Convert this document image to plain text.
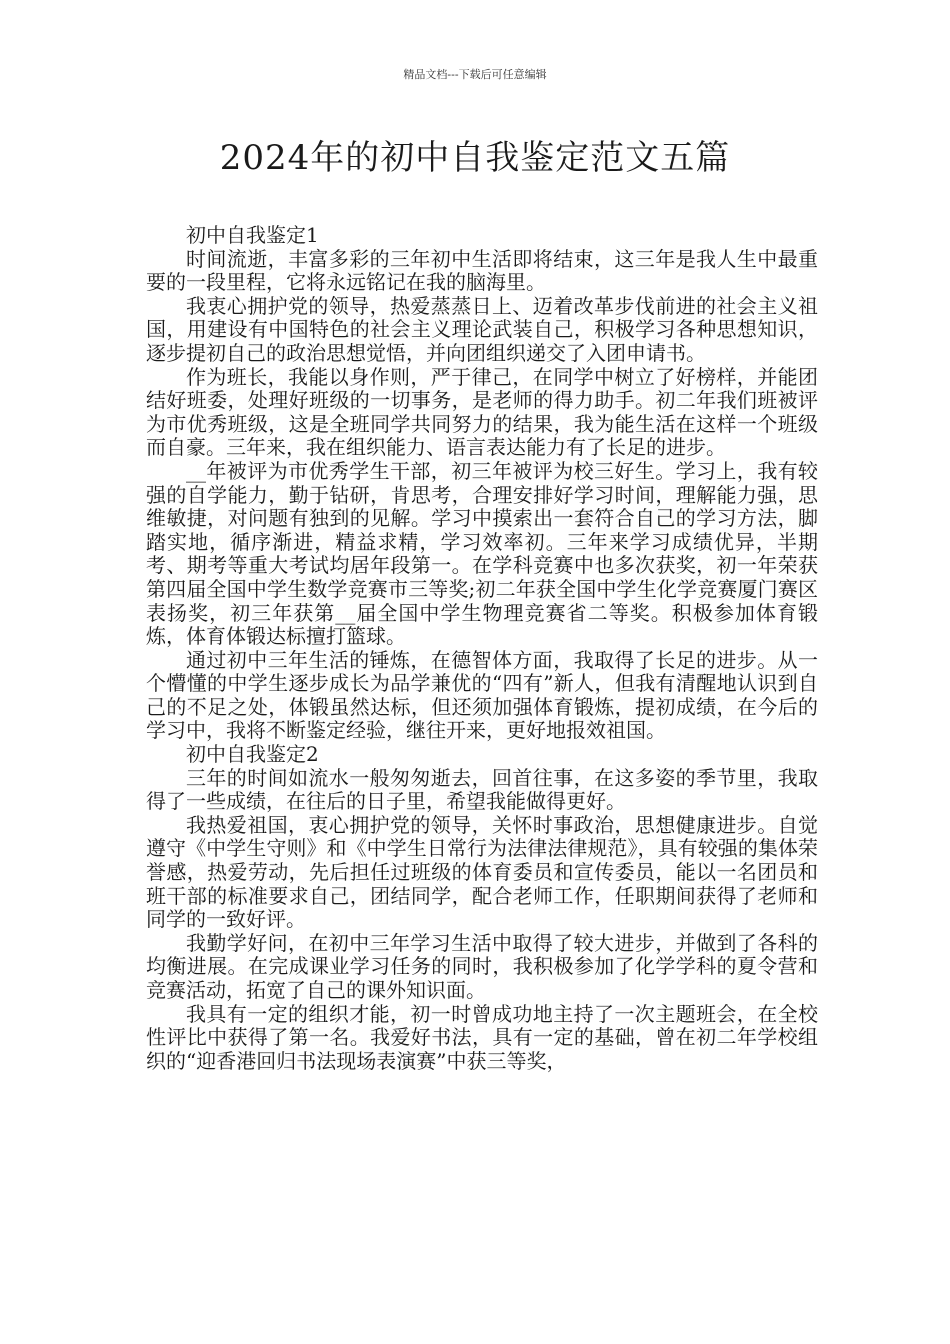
精品文档---下载后可任意编辑
2024年的初中自我鉴定范文五篇

初中自我鉴定1

时间流逝，丰富多彩的三年初中生活即将结束，这三年是我人生中最重要的一段里程，它将永远铭记在我的脑海里。

我衷心拥护党的领导，热爱蒸蒸日上、迈着改革步伐前进的社会主义祖国，用建设有中国特色的社会主义理论武装自己，积极学习各种思想知识，逐步提初自己的政治思想觉悟，并向团组织递交了入团申请书。

作为班长，我能以身作则，严于律己，在同学中树立了好榜样，并能团结好班委，处理好班级的一切事务，是老师的得力助手。初二年我们班被评为市优秀班级，这是全班同学共同努力的结果，我为能生活在这样一个班级而自豪。三年来，我在组织能力、语言表达能力有了长足的进步。

__年被评为市优秀学生干部，初三年被评为校三好生。学习上，我有较强的自学能力，勤于钻研，肯思考，合理安排好学习时间，理解能力强，思维敏捷，对问题有独到的见解。学习中摸索出一套符合自己的学习方法，脚踏实地，循序渐进，精益求精，学习效率初。三年来学习成绩优异，半期考、期考等重大考试均居年段第一。在学科竞赛中也多次获奖，初一年荣获第四届全国中学生数学竞赛市三等奖;初二年获全国中学生化学竞赛厦门赛区表扬奖，初三年获第__届全国中学生物理竞赛省二等奖。积极参加体育锻炼，体育体锻达标擅打篮球。

通过初中三年生活的锤炼，在德智体方面，我取得了长足的进步。从一个懵懂的中学生逐步成长为品学兼优的“四有”新人，但我有清醒地认识到自己的不足之处，体锻虽然达标，但还须加强体育锻炼，提初成绩，在今后的学习中，我将不断鉴定经验，继往开来，更好地报效祖国。

初中自我鉴定2

三年的时间如流水一般匆匆逝去，回首往事，在这多姿的季节里，我取得了一些成绩，在往后的日子里，希望我能做得更好。

我热爱祖国，衷心拥护党的领导，关怀时事政治，思想健康进步。自觉遵守《中学生守则》和《中学生日常行为法律法律规范》，具有较强的集体荣誉感，热爱劳动，先后担任过班级的体育委员和宣传委员，能以一名团员和班干部的标准要求自己，团结同学，配合老师工作，任职期间获得了老师和同学的一致好评。

我勤学好问，在初中三年学习生活中取得了较大进步，并做到了各科的均衡进展。在完成课业学习任务的同时，我积极参加了化学学科的夏令营和竞赛活动，拓宽了自己的课外知识面。

我具有一定的组织才能，初一时曾成功地主持了一次主题班会，在全校性评比中获得了第一名。我爱好书法，具有一定的基础，曾在初二年学校组织的“迎香港回归书法现场表演赛”中获三等奖，
